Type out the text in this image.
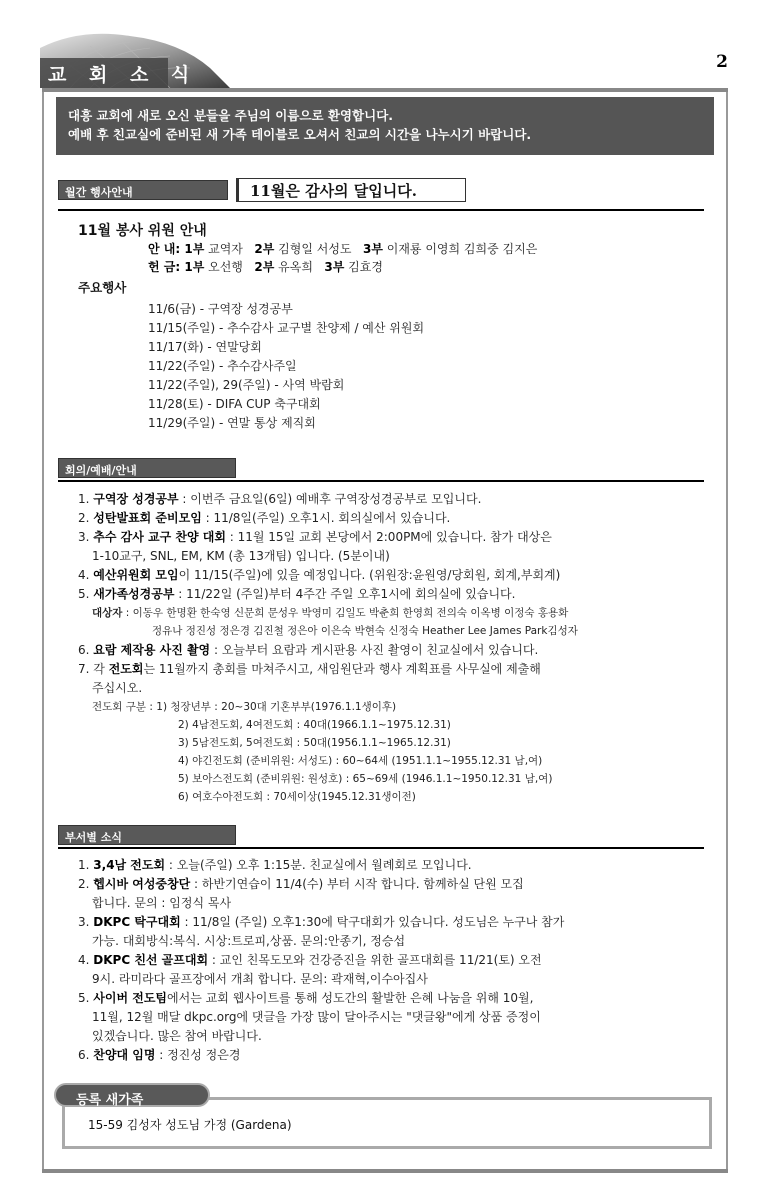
교 회 소 식
2
대흥 교회에 새로 오신 분들을 주님의 이름으로 환영합니다.
예배 후 친교실에 준비된 새 가족 테이블로 오셔서 친교의 시간을 나누시기 바랍니다.
월간 행사안내	11월은 감사의 달입니다.
11월 봉사 위원 안내
안 내: 1부 교역자 2부 김형일 서성도 3부 이재룡 이영희 김희중 김지은
헌 금: 1부 오선행 2부 유옥희 3부 김효경
주요행사
11/6(금) - 구역장 성경공부
11/15(주일) - 추수감사 교구별 찬양제 / 예산 위원회
11/17(화) - 연말당회
11/22(주일) - 추수감사주일
11/22(주일), 29(주일) - 사역 박람회
11/28(토) - DIFA CUP 축구대회
11/29(주일) - 연말 통상 제직회
회의/예배/안내
1. 구역장 성경공부 : 이번주 금요일(6일) 예배후 구역장성경공부로 모입니다.
2. 성탄발표회 준비모임 : 11/8일(주일) 오후1시. 회의실에서 있습니다.
3. 추수 감사 교구 찬양 대회 : 11월 15일 교회 본당에서 2:00PM에 있습니다. 참가 대상은
1-10교구, SNL, EM, KM (총 13개팀) 입니다. (5분이내)
4. 예산위원회 모임이 11/15(주일)에 있을 예정입니다. (위원장:윤원영/당회원, 회계,부회계)
5. 새가족성경공부 : 11/22일 (주일)부터 4주간 주일 오후1시에 회의실에 있습니다.
대상자 : 이동우 한명환 한숙영 신문희 문성우 박영미 김일도 박춘희 한영희 전의숙 이옥병 이정숙 홍용화
정유나 정진성 정은경 김진철 정은아 이은숙 박현숙 신정숙 Heather Lee James Park김성자
6. 요람 제작용 사진 촬영 : 오늘부터 요람과 게시판용 사진 촬영이 친교실에서 있습니다.
7. 각 전도회는 11월까지 총회를 마쳐주시고, 새임원단과 행사 계획표를 사무실에 제출해
주십시오.
전도회 구분 : 1) 청장년부 : 20~30대 기혼부부(1976.1.1생이후)
2) 4남전도회, 4여전도회 : 40대(1966.1.1~1975.12.31)
3) 5남전도회, 5여전도회 : 50대(1956.1.1~1965.12.31)
4) 야긴전도회 (준비위원: 서성도) : 60~64세 (1951.1.1~1955.12.31 남,여)
5) 보아스전도회 (준비위원: 원성호) : 65~69세 (1946.1.1~1950.12.31 남,여)
6) 여호수아전도회 : 70세이상(1945.12.31생이전)
부서별 소식
1. 3,4남 전도회 : 오늘(주일) 오후 1:15분. 친교실에서 월례회로 모입니다.
2. 헵시바 여성중창단 : 하반기연습이 11/4(수) 부터 시작 합니다. 함께하실 단원 모집
합니다. 문의 : 임정식 목사
3. DKPC 탁구대회 : 11/8일 (주일) 오후1:30에 탁구대회가 있습니다. 성도님은 누구나 참가
가능. 대회방식:복식. 시상:트로피,상품. 문의:안종기, 정승섭
4. DKPC 친선 골프대회 : 교인 친목도모와 건강증진을 위한 골프대회를 11/21(토) 오전
9시. 라미라다 골프장에서 개최 합니다. 문의: 곽재혁,이수아집사
5. 사이버 전도팀에서는 교회 웹사이트를 통해 성도간의 활발한 은혜 나눔을 위해 10월,
11월, 12월 매달 dkpc.org에 댓글을 가장 많이 달아주시는 "댓글왕"에게 상품 증정이
있겠습니다. 많은 참여 바랍니다.
6. 찬양대 임명 : 정진성 정은경
등록 새가족
15-59 김성자 성도님 가정 (Gardena)
